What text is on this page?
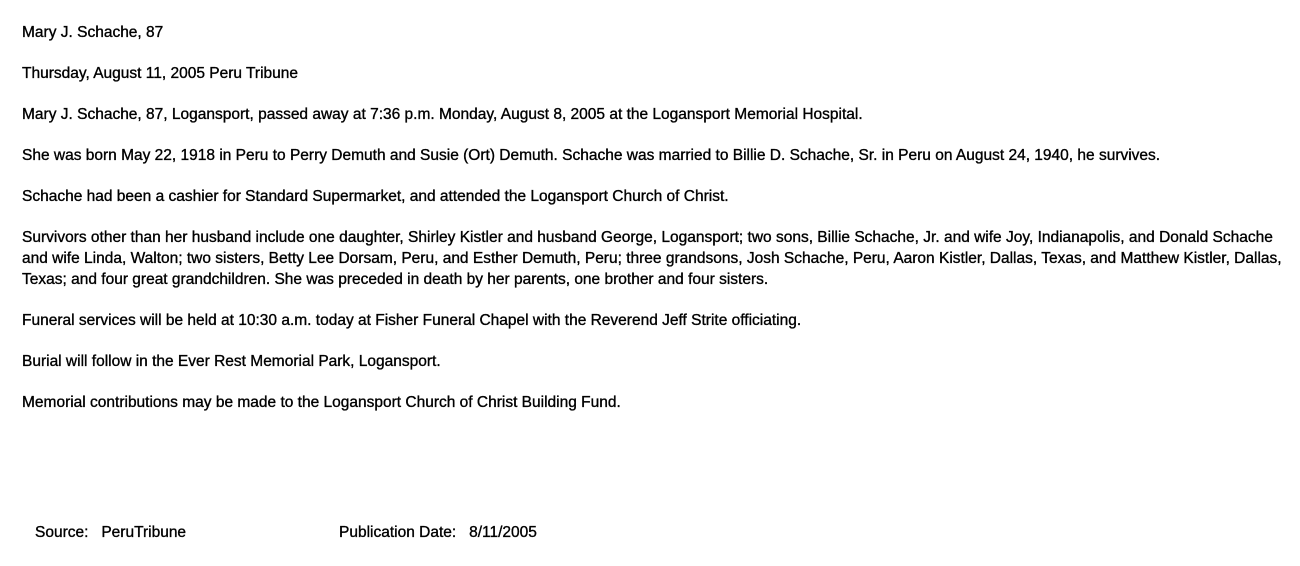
Mary J. Schache, 87

Thursday, August 11, 2005 Peru Tribune

Mary J. Schache, 87, Logansport, passed away at 7:36 p.m. Monday, August 8, 2005 at the Logansport Memorial Hospital.

She was born May 22, 1918 in Peru to Perry Demuth and Susie (Ort) Demuth. Schache was married to Billie D. Schache, Sr. in Peru on August 24, 1940, he survives.

Schache had been a cashier for Standard Supermarket, and attended the Logansport Church of Christ.

Survivors other than her husband include one daughter, Shirley Kistler and husband George, Logansport; two sons, Billie Schache, Jr. and wife Joy, Indianapolis, and Donald Schache and wife Linda, Walton; two sisters, Betty Lee Dorsam, Peru, and Esther Demuth, Peru; three grandsons, Josh Schache, Peru, Aaron Kistler, Dallas, Texas, and Matthew Kistler, Dallas, Texas; and four great grandchildren. She was preceded in death by her parents, one brother and four sisters.

Funeral services will be held at 10:30 a.m. today at Fisher Funeral Chapel with the Reverend Jeff Strite officiating.

Burial will follow in the Ever Rest Memorial Park, Logansport.

Memorial contributions may be made to the Logansport Church of Christ Building Fund.

Source:   PeruTribune	Publication Date:   8/11/2005
